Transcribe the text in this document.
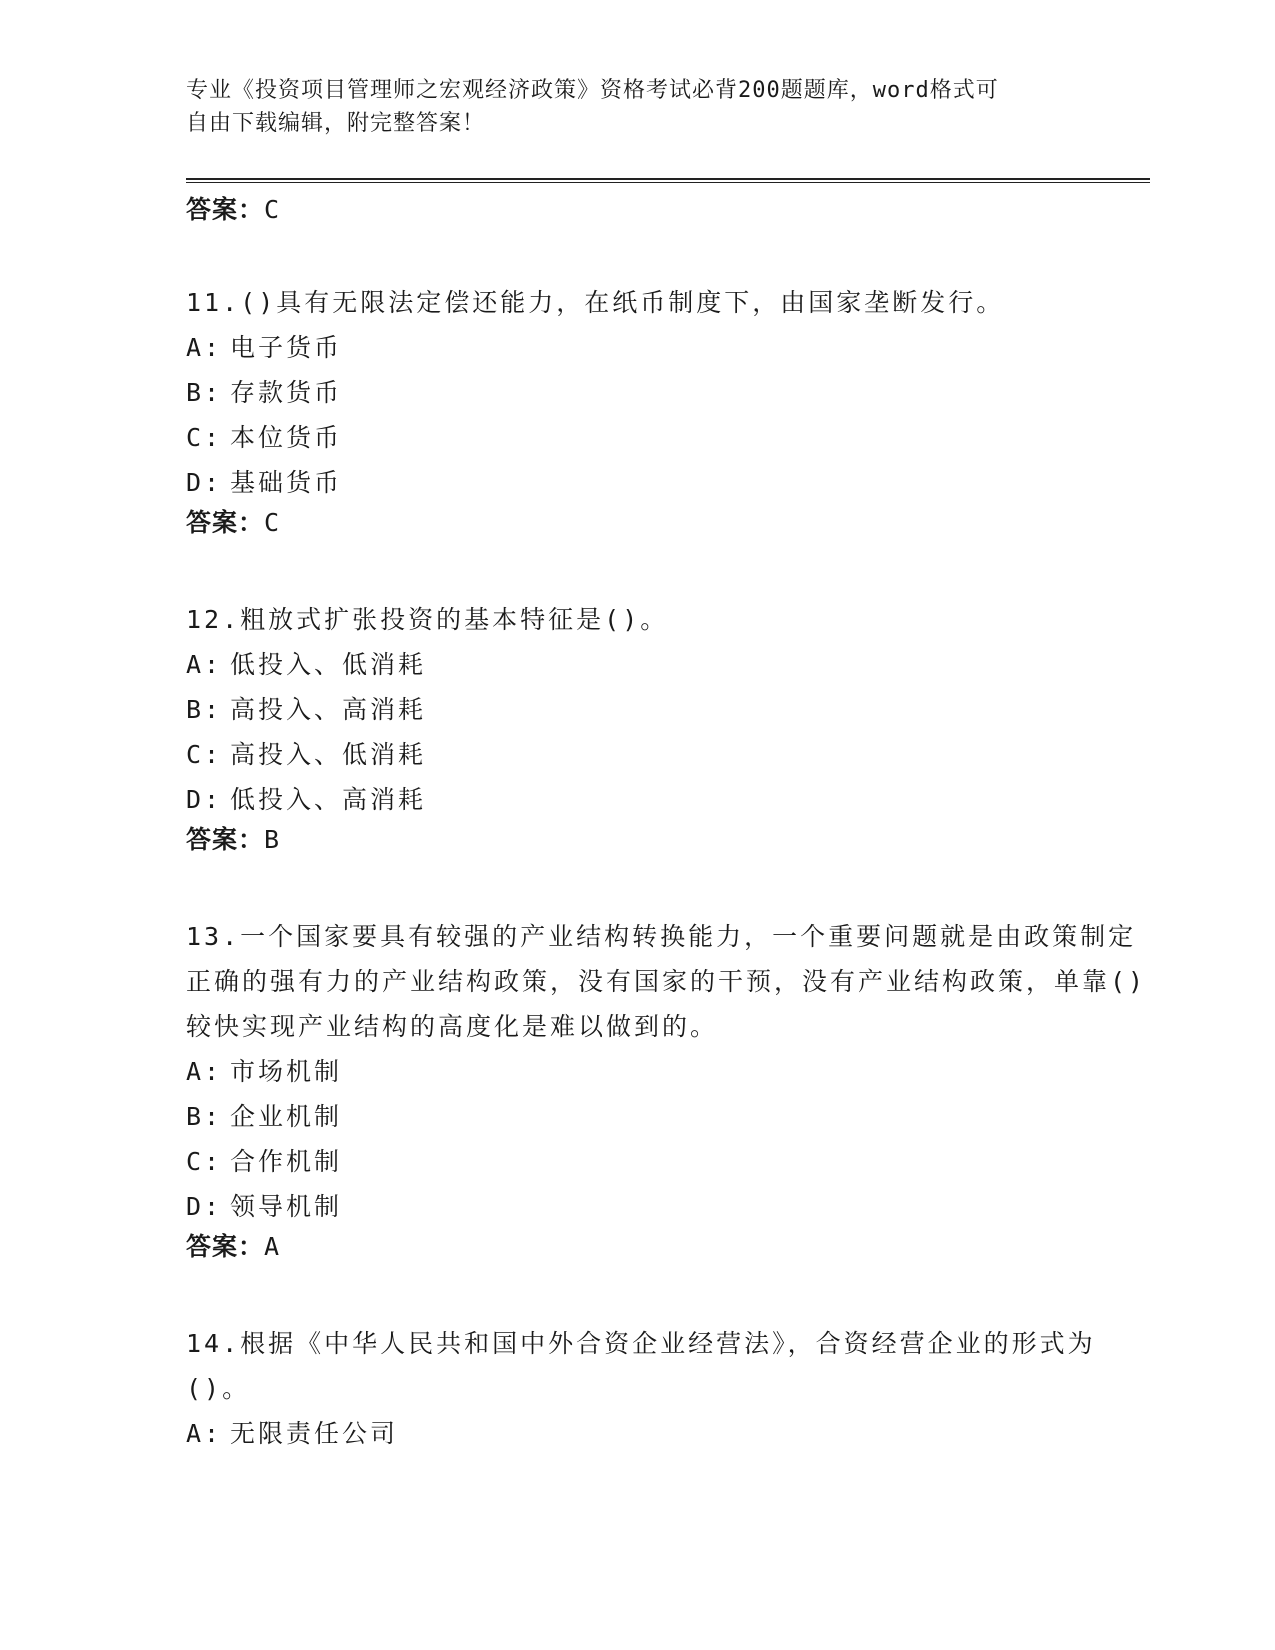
专业《投资项目管理师之宏观经济政策》资格考试必背200题题库，word格式可
自由下载编辑，附完整答案！
答案：C
11.()具有无限法定偿还能力，在纸币制度下，由国家垄断发行。
A: 电子货币
B: 存款货币
C: 本位货币
D: 基础货币
答案：C
12.粗放式扩张投资的基本特征是()。
A: 低投入、低消耗
B: 高投入、高消耗
C: 高投入、低消耗
D: 低投入、高消耗
答案：B
13.一个国家要具有较强的产业结构转换能力，一个重要问题就是由政策制定正确的强有力的产业结构政策，没有国家的干预，没有产业结构政策，单靠()较快实现产业结构的高度化是难以做到的。
A: 市场机制
B: 企业机制
C: 合作机制
D: 领导机制
答案：A
14.根据《中华人民共和国中外合资企业经营法》，合资经营企业的形式为()。
A: 无限责任公司
